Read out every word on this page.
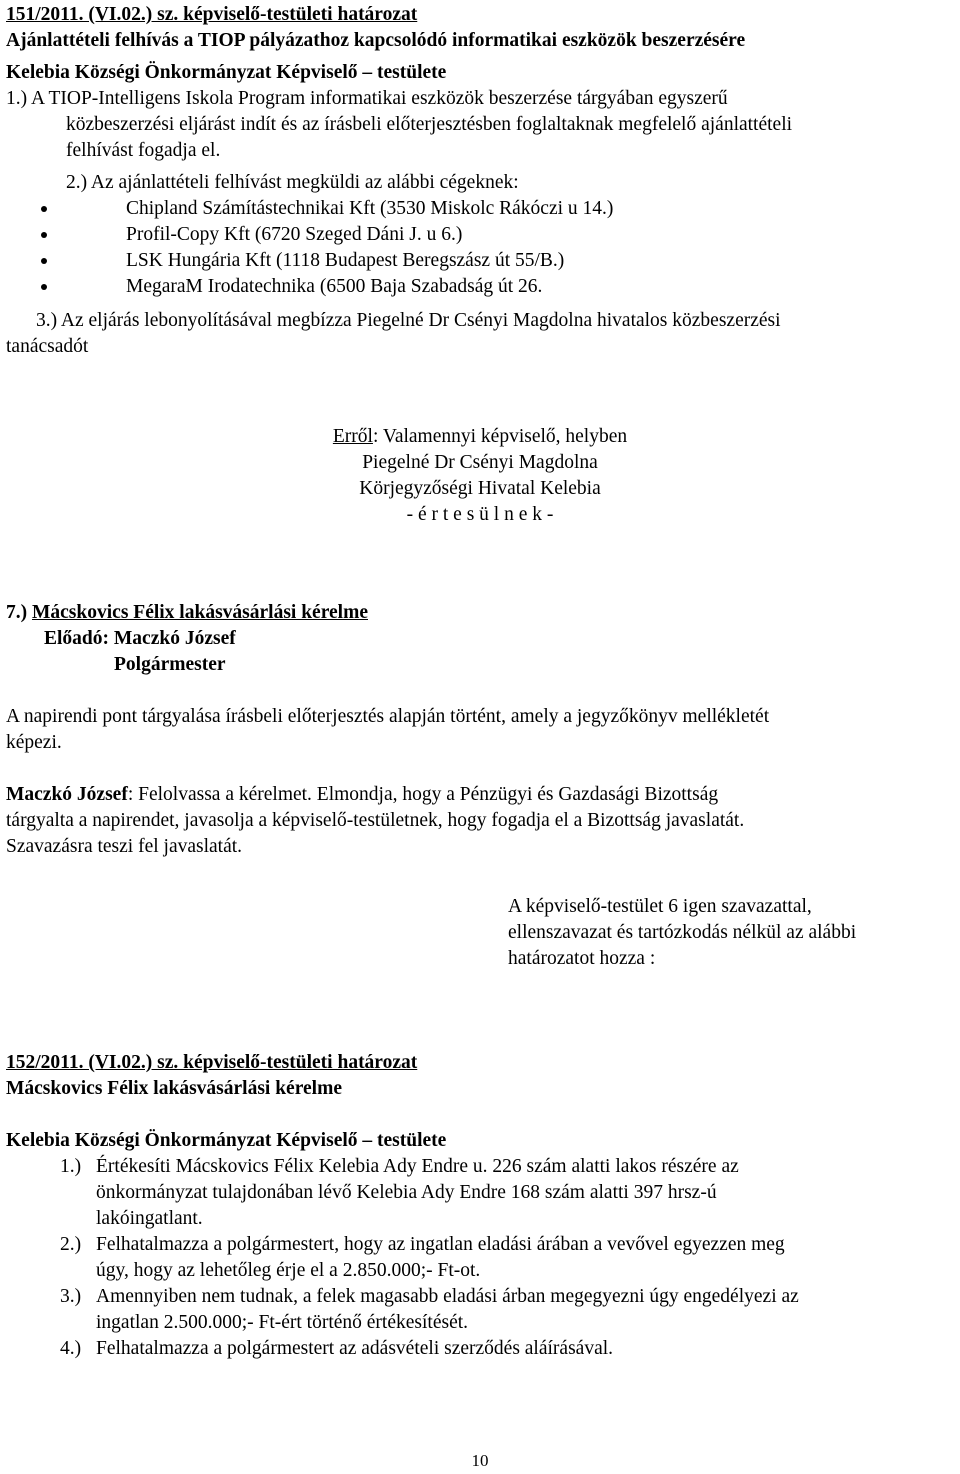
151/2011. (VI.02.) sz. képviselő-testületi határozat
Ajánlattételi felhívás a TIOP pályázathoz kapcsolódó informatikai eszközök beszerzésére
Kelebia Községi Önkormányzat Képviselő – testülete
1.) A TIOP-Intelligens Iskola Program informatikai eszközök beszerzése tárgyában egyszerű
közbeszerzési eljárást indít és az írásbeli előterjesztésben foglaltaknak megfelelő ajánlattételi
felhívást fogadja el.
2.) Az ajánlattételi felhívást megküldi az alábbi cégeknek:
Chipland Számítástechnikai Kft (3530 Miskolc Rákóczi u 14.)
Profil-Copy Kft (6720 Szeged Dáni J. u 6.)
LSK Hungária Kft (1118 Budapest Beregszász út 55/B.)
MegaraM Irodatechnika (6500 Baja Szabadság út 26.
3.) Az eljárás lebonyolításával megbízza Piegelné Dr Csényi Magdolna hivatalos közbeszerzési
tanácsadót
Erről: Valamennyi képviselő, helyben
Piegelné Dr Csényi Magdolna
Körjegyzőségi Hivatal Kelebia
- é r t e s ü l n e k -
7.) Mácskovics Félix lakásvásárlási kérelme
Előadó: Maczkó József
Polgármester
A napirendi pont tárgyalása írásbeli előterjesztés alapján történt, amely a jegyzőkönyv mellékletét
képezi.
Maczkó József: Felolvassa a kérelmet. Elmondja, hogy a Pénzügyi és Gazdasági Bizottság
tárgyalta a napirendet, javasolja a képviselő-testületnek, hogy fogadja el a Bizottság javaslatát.
Szavazásra teszi fel javaslatát.
A képviselő-testület 6 igen szavazattal,
ellenszavazat és tartózkodás nélkül az alábbi
határozatot hozza :
152/2011. (VI.02.) sz. képviselő-testületi határozat
Mácskovics Félix lakásvásárlási kérelme
Kelebia Községi Önkormányzat Képviselő – testülete
1.) Értékesíti Mácskovics Félix Kelebia Ady Endre u. 226 szám alatti lakos részére az
önkormányzat tulajdonában lévő Kelebia Ady Endre 168 szám alatti 397 hrsz-ú
lakóingatlant.
2.) Felhatalmazza a polgármestert, hogy az ingatlan eladási árában a vevővel egyezzen meg
úgy, hogy az lehetőleg érje el a 2.850.000;- Ft-ot.
3.) Amennyiben nem tudnak, a felek magasabb eladási árban megegyezni úgy engedélyezi az
ingatlan 2.500.000;- Ft-ért történő értékesítését.
4.) Felhatalmazza a polgármestert az adásvételi szerződés aláírásával.
10
